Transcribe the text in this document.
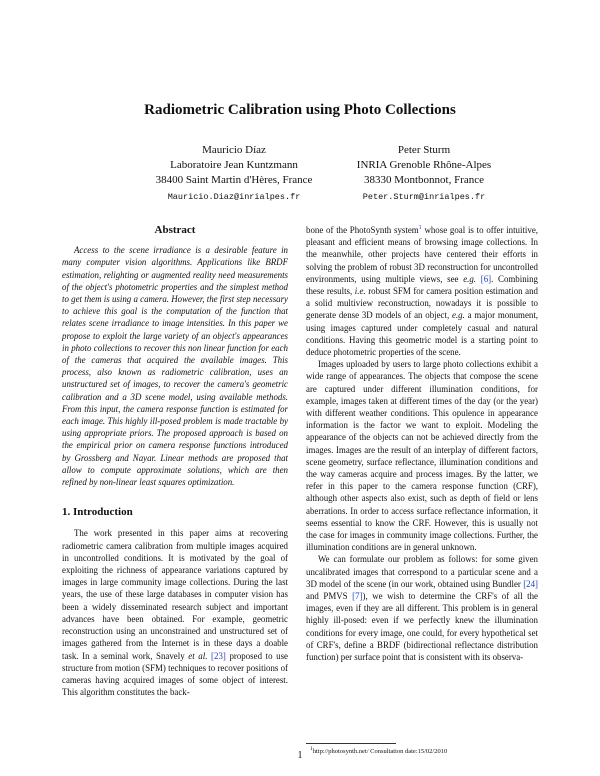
Radiometric Calibration using Photo Collections
Mauricio Díaz
Laboratoire Jean Kuntzmann
38400 Saint Martin d'Hères, France
Mauricio.Diaz@inrialpes.fr
Peter Sturm
INRIA Grenoble Rhône-Alpes
38330 Montbonnot, France
Peter.Sturm@inrialpes.fr
Abstract

Access to the scene irradiance is a desirable feature in many computer vision algorithms. Applications like BRDF estimation, relighting or augmented reality need measurements of the object's photometric properties and the simplest method to get them is using a camera. However, the first step necessary to achieve this goal is the computation of the function that relates scene irradiance to image intensities. In this paper we propose to exploit the large variety of an object's appearances in photo collections to recover this non linear function for each of the cameras that acquired the available images. This process, also known as radiometric calibration, uses an unstructured set of images, to recover the camera's geometric calibration and a 3D scene model, using available methods. From this input, the camera response function is estimated for each image. This highly ill-posed problem is made tractable by using appropriate priors. The proposed approach is based on the empirical prior on camera response functions introduced by Grossberg and Nayar. Linear methods are proposed that allow to compute approximate solutions, which are then refined by non-linear least squares optimization.

1. Introduction

The work presented in this paper aims at recovering radiometric camera calibration from multiple images acquired in uncontrolled conditions. It is motivated by the goal of exploiting the richness of appearance variations captured by images in large community image collections. During the last years, the use of these large databases in computer vision has been a widely disseminated research subject and important advances have been obtained. For example, geometric reconstruction using an unconstrained and unstructured set of images gathered from the Internet is in these days a doable task. In a seminal work, Snavely et al. [23] proposed to use structure from motion (SFM) techniques to recover positions of cameras having acquired images of some object of interest. This algorithm constitutes the back-

bone of the PhotoSynth system$^1$ whose goal is to offer intuitive, pleasant and efficient means of browsing image collections. In the meanwhile, other projects have centered their efforts in solving the problem of robust 3D reconstruction for uncontrolled environments, using multiple views, see e.g. [6]. Combining these results, i.e. robust SFM for camera position estimation and a solid multiview reconstruction, nowadays it is possible to generate dense 3D models of an object, e.g. a major monument, using images captured under completely casual and natural conditions. Having this geometric model is a starting point to deduce photometric properties of the scene.

Images uploaded by users to large photo collections exhibit a wide range of appearances. The objects that compose the scene are captured under different illumination conditions, for example, images taken at different times of the day (or the year) with different weather conditions. This opulence in appearance information is the factor we want to exploit. Modeling the appearance of the objects can not be achieved directly from the images. Images are the result of an interplay of different factors, scene geometry, surface reflectance, illumination conditions and the way cameras acquire and process images. By the latter, we refer in this paper to the camera response function (CRF), although other aspects also exist, such as depth of field or lens aberrations. In order to access surface reflectance information, it seems essential to know the CRF. However, this is usually not the case for images in community image collections. Further, the illumination conditions are in general unknown.

We can formulate our problem as follows: for some given uncalibrated images that correspond to a particular scene and a 3D model of the scene (in our work, obtained using Bundler [24] and PMVS [7]), we wish to determine the CRF's of all the images, even if they are all different. This problem is in general highly ill-posed: even if we perfectly knew the illumination conditions for every image, one could, for every hypothetical set of CRF's, define a BRDF (bidirectional reflectance distribution function) per surface point that is consistent with its observa-

$^1$http://photosynth.net/ Consultation date:15/02/2010
1
